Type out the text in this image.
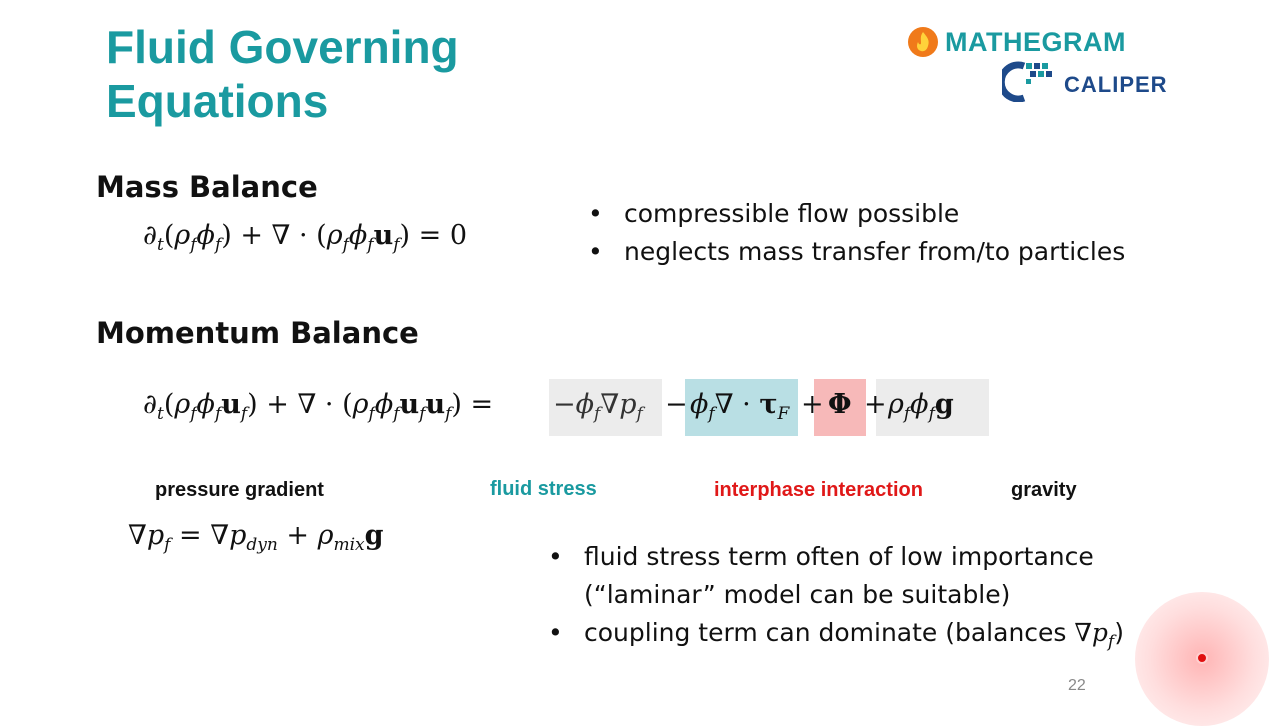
Fluid Governing
Equations
MATHEGRAM
CALIPER
Mass Balance
$\partial_t(\rho_f\phi_f)$ + ∇ · $(\rho_f\phi_fu_f) = 0$
• compressible flow possible
• neglects mass transfer from/to particles
Momentum Balance
$\partial_t(\rho_f\phi_fu_f)$ + ∇ · $(\rho_f\phi_fu_fu_f) = -\phi_f\nabla p_f - \phi_f\nabla \cdot \tau_F + \Phi + \rho_f\phi_fg$
pressure gradient	fluid stress	interphase interaction	gravity
$\nabla p_f = \nabla p_{dyn} + \rho_{mix}g$
• fluid stress term often of low importance
(“laminar” model can be suitable)
• coupling term can dominate (balances $\nabla p_f$)
22
